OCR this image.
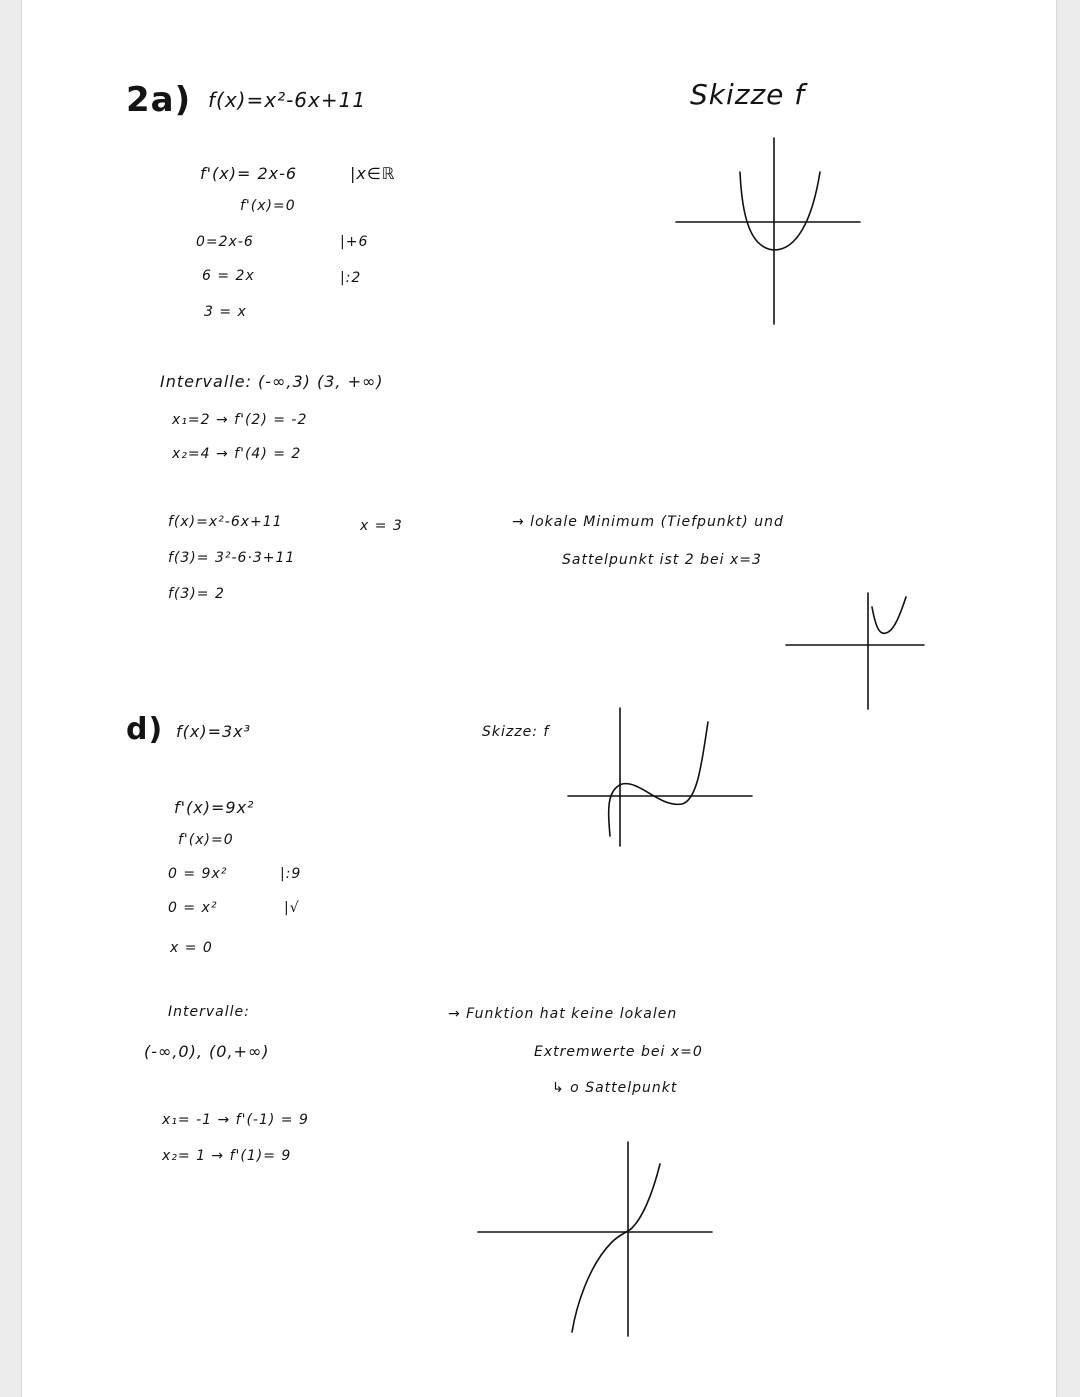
2a) f(x)=x²-6x+11	Skizze f
f'(x)= 2x-6	|x∈ℝ
f'(x)=0
0=2x-6	|+6
6 = 2x	|:2
3 = x
Intervalle: (-∞,3) (3, +∞)
x₁=2 → f'(2) = -2
x₂=4 → f'(4) = 2
f(x)=x²-6x+11	x = 3
f(3)= 3²-6·3+11
f(3)= 2
→ lokale Minimum (Tiefpunkt) und
Sattelpunkt ist 2 bei x=3
d) f(x)=3x³	Skizze: f
f'(x)=9x²
f'(x)=0
0 = 9x²	|:9
0 = x²	|√
x = 0
Intervalle:
(-∞,0), (0,+∞)
x₁= -1 → f'(-1) = 9
x₂= 1 → f'(1)= 9
→ Funktion hat keine lokalen
Extremwerte bei x=0
↳ o Sattelpunkt
